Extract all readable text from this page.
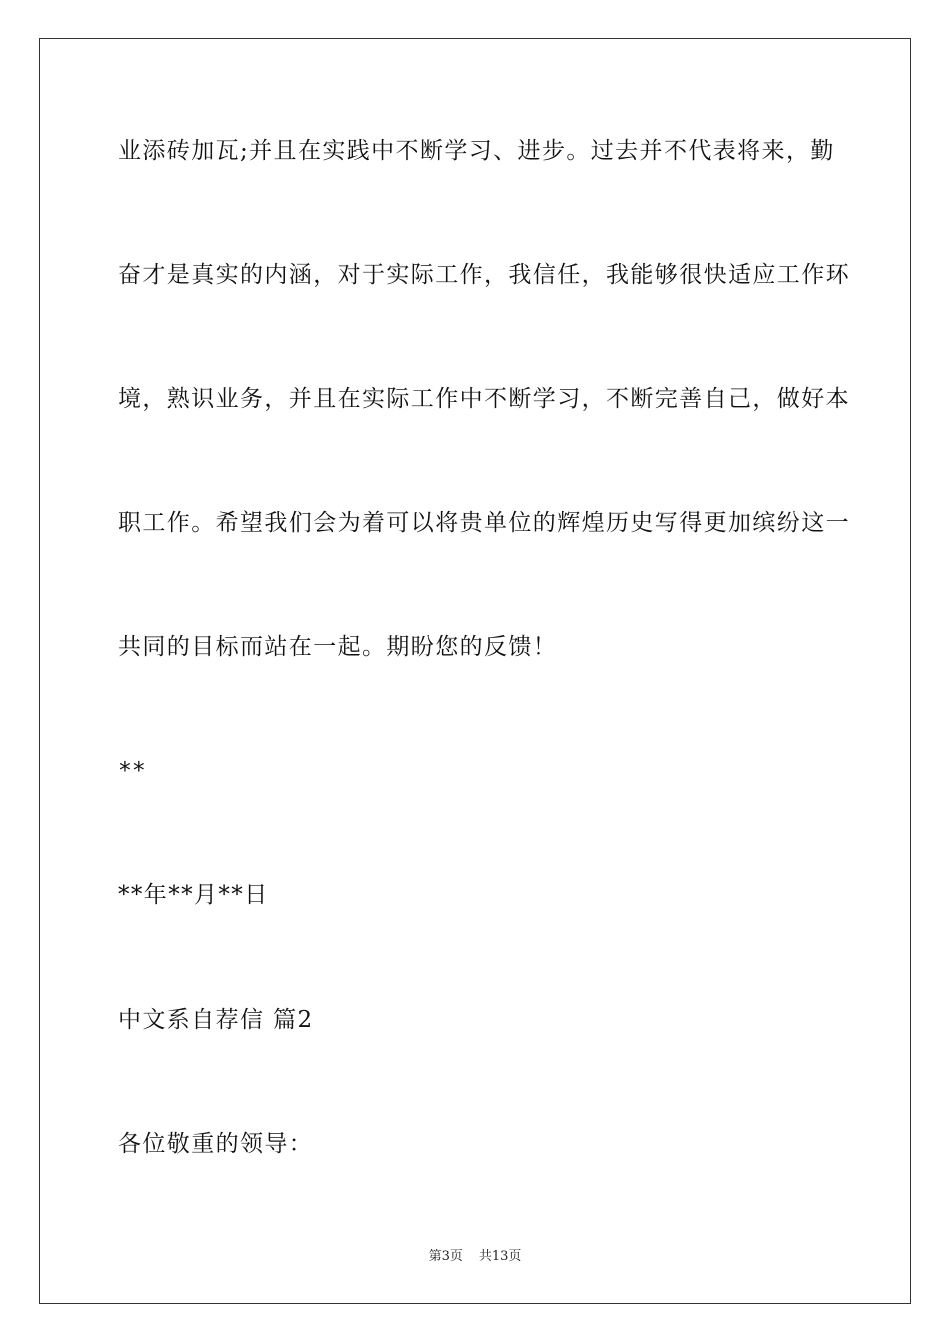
业添砖加瓦;并且在实践中不断学习、进步。过去并不代表将来，勤
奋才是真实的内涵，对于实际工作，我信任，我能够很快适应工作环
境，熟识业务，并且在实际工作中不断学习，不断完善自己，做好本
职工作。希望我们会为着可以将贵单位的辉煌历史写得更加缤纷这一
共同的目标而站在一起。期盼您的反馈！
**
**年**月**日
中文系自荐信 篇2
各位敬重的领导：
第3页 共13页
